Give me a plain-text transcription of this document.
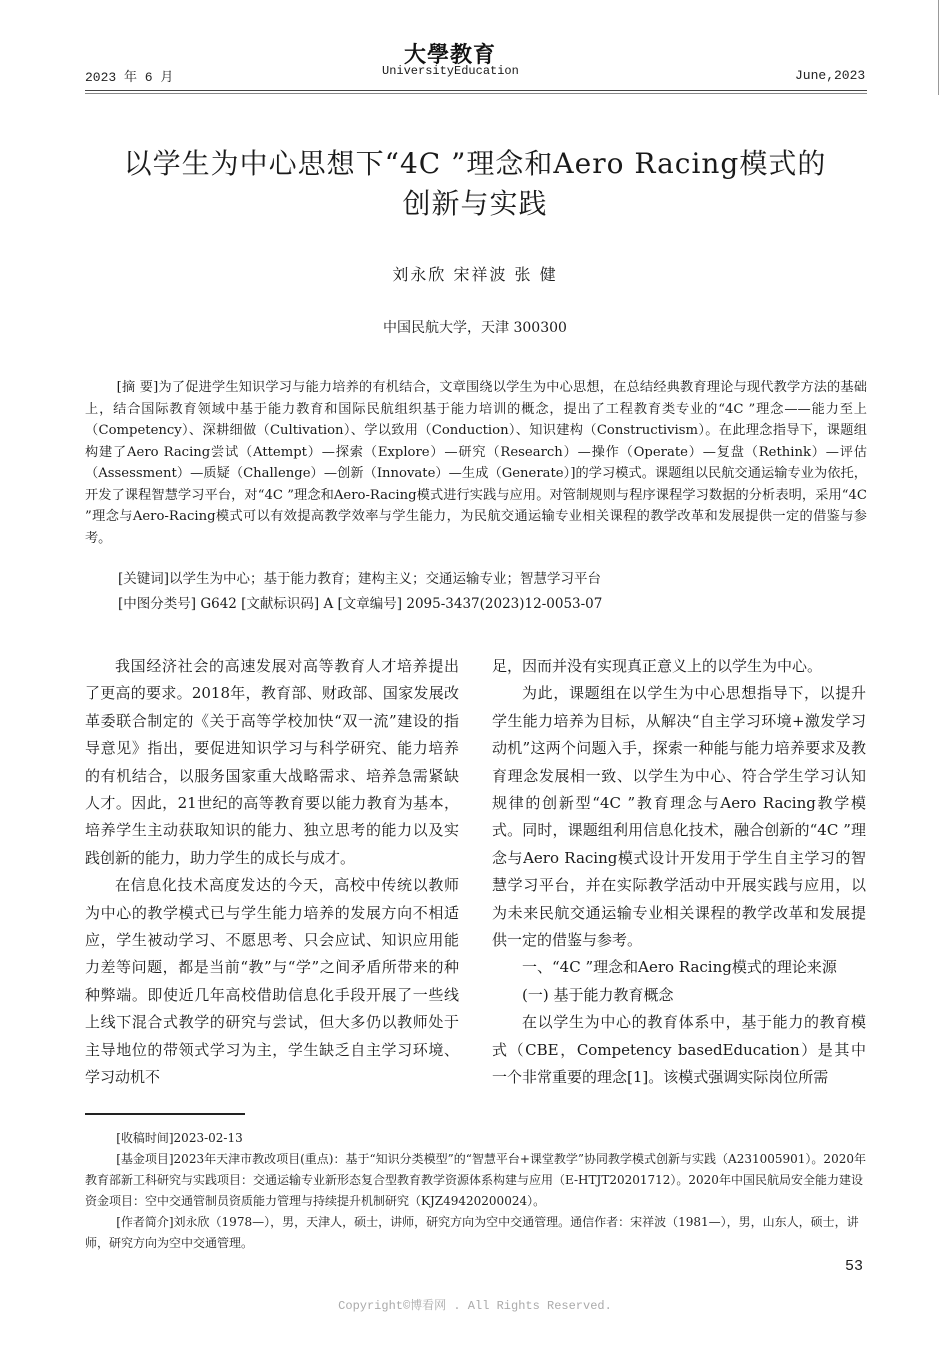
2023 年 6 月
大學教育
UniversityEducation	June,2023
以学生为中心思想下“4C ”理念和Aero Racing模式的
创新与实践
刘永欣 宋祥波 张 健
中国民航大学，天津 300300

[摘 要]为了促进学生知识学习与能力培养的有机结合，文章围绕以学生为中心思想，在总结经典教育理论与现代教学方法的基础上，结合国际教育领域中基于能力教育和国际民航组织基于能力培训的概念，提出了工程教育类专业的“4C ”理念——能力至上（Competency）、深耕细做（Cultivation）、学以致用（Conduction）、知识建构（Constructivism）。在此理念指导下，课题组构建了Aero Racing尝试（Attempt）—探索（Explore）—研究（Research）—操作（Operate）—复盘（Rethink）—评估（Assessment）—质疑（Challenge）—创新（Innovate）—生成（Generate）]的学习模式。课题组以民航交通运输专业为依托，开发了课程智慧学习平台，对“4C ”理念和Aero-Racing模式进行实践与应用。对管制规则与程序课程学习数据的分析表明，采用“4C ”理念与Aero-Racing模式可以有效提高教学效率与学生能力，为民航交通运输专业相关课程的教学改革和发展提供一定的借鉴与参考。

[关键词]以学生为中心；基于能力教育；建构主义；交通运输专业；智慧学习平台
[中图分类号] G642 [文献标识码] A [文章编号] 2095-3437(2023)12-0053-07

我国经济社会的高速发展对高等教育人才培养提出了更高的要求。2018年，教育部、财政部、国家发展改革委联合制定的《关于高等学校加快“双一流”建设的指导意见》指出，要促进知识学习与科学研究、能力培养的有机结合，以服务国家重大战略需求、培养急需紧缺人才。因此，21世纪的高等教育要以能力教育为基本，培养学生主动获取知识的能力、独立思考的能力以及实践创新的能力，助力学生的成长与成才。

在信息化技术高度发达的今天，高校中传统以教师为中心的教学模式已与学生能力培养的发展方向不相适应，学生被动学习、不愿思考、只会应试、知识应用能力差等问题，都是当前“教”与“学”之间矛盾所带来的种种弊端。即使近几年高校借助信息化手段开展了一些线上线下混合式教学的研究与尝试，但大多仍以教师处于主导地位的带领式学习为主，学生缺乏自主学习环境、学习动机不

足，因而并没有实现真正意义上的以学生为中心。

为此，课题组在以学生为中心思想指导下，以提升学生能力培养为目标，从解决“自主学习环境+激发学习动机”这两个问题入手，探索一种能与能力培养要求及教育理念发展相一致、以学生为中心、符合学生学习认知规律的创新型“4C ”教育理念与Aero Racing教学模式。同时，课题组利用信息化技术，融合创新的“4C ”理念与Aero Racing模式设计开发用于学生自主学习的智慧学习平台，并在实际教学活动中开展实践与应用，以为未来民航交通运输专业相关课程的教学改革和发展提供一定的借鉴与参考。

一、“4C ”理念和Aero Racing模式的理论来源

(一) 基于能力教育概念

在以学生为中心的教育体系中，基于能力的教育模式（CBE，Competency basedEducation）是其中一个非常重要的理念[1]。该模式强调实际岗位所需

[收稿时间]2023-02-13

[基金项目]2023年天津市教改项目(重点)：基于“知识分类模型”的“智慧平台+课堂教学”协同教学模式创新与实践（A231005901）。2020年教育部新工科研究与实践项目：交通运输专业新形态复合型教育教学资源体系构建与应用（E-HTJT20201712）。2020年中国民航局安全能力建设资金项目：空中交通管制员资质能力管理与持续提升机制研究（KJZ49420200024）。

[作者简介]刘永欣（1978—），男，天津人，硕士，讲师，研究方向为空中交通管理。通信作者：宋祥波（1981—），男，山东人，硕士，讲师，研究方向为空中交通管理。

53
Copyright©博看网 . All Rights Reserved.
